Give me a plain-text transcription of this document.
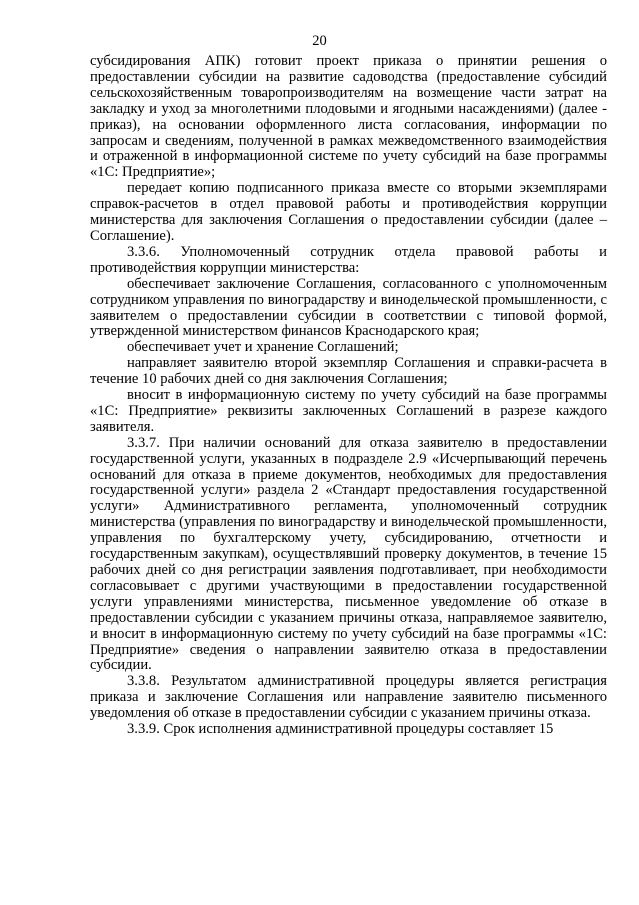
20

субсидирования АПК) готовит проект приказа о принятии решения о предоставлении субсидии на развитие садоводства (предоставление субсидий сельскохозяйственным товаропроизводителям на возмещение части затрат на закладку и уход за многолетними плодовыми и ягодными насаждениями) (далее - приказ), на основании оформленного листа согласования, информации по запросам и сведениям, полученной в рамках межведомственного взаимодействия и отраженной в информационной системе по учету субсидий на базе программы «1С: Предприятие»;

передает копию подписанного приказа вместе со вторыми экземплярами справок-расчетов в отдел правовой работы и противодействия коррупции министерства для заключения Соглашения о предоставлении субсидии (далее – Соглашение).

3.3.6. Уполномоченный сотрудник отдела правовой работы и противодействия коррупции министерства:

обеспечивает заключение Соглашения, согласованного с уполномоченным сотрудником управления по виноградарству и винодельческой промышленности, с заявителем о предоставлении субсидии в соответствии с типовой формой, утвержденной министерством финансов Краснодарского края;

обеспечивает учет и хранение Соглашений;

направляет заявителю второй экземпляр Соглашения и справки-расчета в течение 10 рабочих дней со дня заключения Соглашения;

вносит в информационную систему по учету субсидий на базе программы «1С: Предприятие» реквизиты заключенных Соглашений в разрезе каждого заявителя.

3.3.7. При наличии оснований для отказа заявителю в предоставлении государственной услуги, указанных в подразделе 2.9 «Исчерпывающий перечень оснований для отказа в приеме документов, необходимых для предоставления государственной услуги» раздела 2 «Стандарт предоставления государственной услуги» Административного регламента, уполномоченный сотрудник министерства (управления по виноградарству и винодельческой промышленности, управления по бухгалтерскому учету, субсидированию, отчетности и государственным закупкам), осуществлявший проверку документов, в течение 15 рабочих дней со дня регистрации заявления подготавливает, при необходимости согласовывает с другими участвующими в предоставлении государственной услуги управлениями министерства, письменное уведомление об отказе в предоставлении субсидии с указанием причины отказа, направляемое заявителю, и вносит в информационную систему по учету субсидий на базе программы «1С: Предприятие» сведения о направлении заявителю отказа в предоставлении субсидии.

3.3.8. Результатом административной процедуры является регистрация приказа и заключение Соглашения или направление заявителю письменного уведомления об отказе в предоставлении субсидии с указанием причины отказа.

3.3.9. Срок исполнения административной процедуры составляет 15
